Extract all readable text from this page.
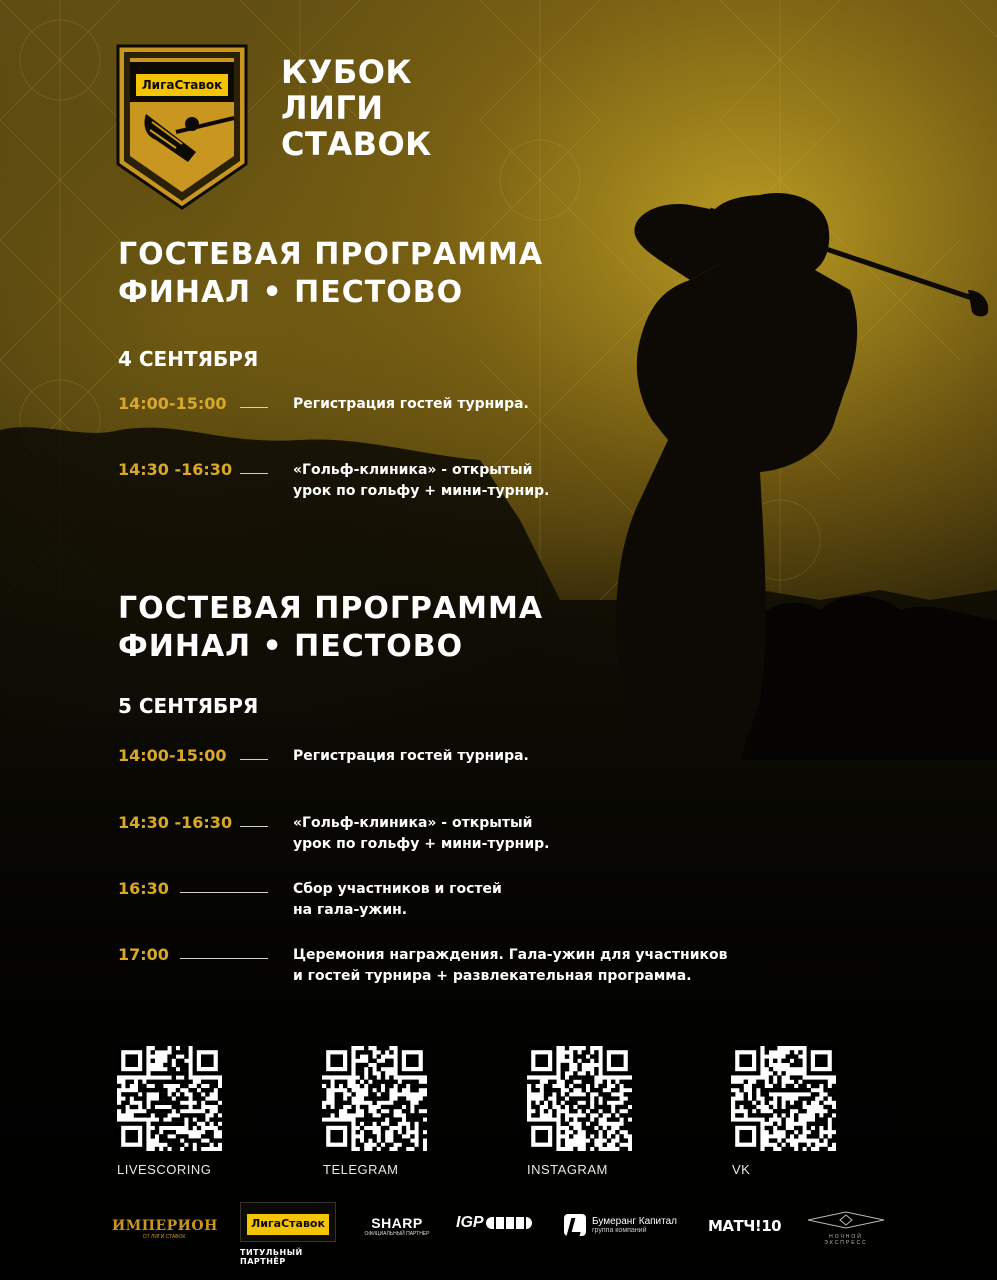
ЛигаСтавок КУБОК
ЛИГИ
СТАВОК
ГОСТЕВАЯ ПРОГРАММА
ФИНАЛ • ПЕСТОВО
4 СЕНТЯБРЯ
14:00-15:00	Регистрация гостей турнира.
14:30 -16:30	«Гольф-клиника» - открытый
урок по гольфу + мини-турнир.
ГОСТЕВАЯ ПРОГРАММА
ФИНАЛ • ПЕСТОВО
5 СЕНТЯБРЯ
14:00-15:00	Регистрация гостей турнира.
14:30 -16:30	«Гольф-клиника» - открытый
урок по гольфу + мини-турнир.
16:30	Сбор участников и гостей
на гала-ужин.
17:00	Церемония награждения. Гала-ужин для участников
и гостей турнира + развлекательная программа.
LIVESCORING	TELEGRAM	INSTAGRAM	VK
ИМПЕРИОН
ОТ ЛИГИ СТАВОК
ЛигаСтавок
ТИТУЛЬНЫЙ ПАРТНЁР
SHARP
ОФИЦИАЛЬНЫЙ ПАРТНЕР
IGP	Бумеранг Капитал
группа компаний	МАТЧ!10
НОЧНОЙ ЭКСПРЕСС
